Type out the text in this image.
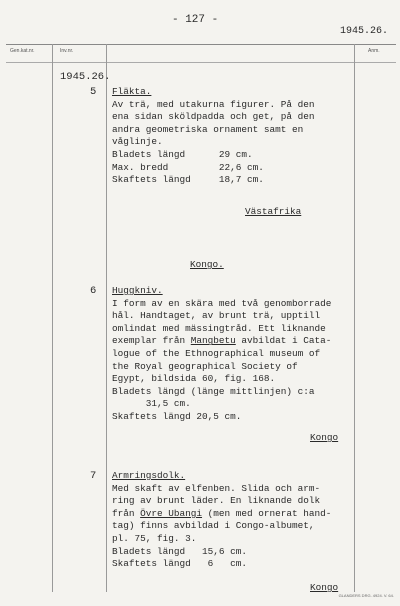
- 127 -
1945.26.
Gen.kat.nr.	Inv.nr.	Anm.
1945.26.
5 Fläkta.

Av trä, med utakurna figurer. På den

ena sidan sköldpadda och get, på den

andra geometriska ornament samt en

våglinje.

Bladets längd      29 cm.

Max. bredd         22,6 cm.

Skaftets längd     18,7 cm.

Västafrika
Kongo.
6 Huggkniv.

I form av en skära med två genomborrade

hål. Handtaget, av brunt trä, upptill

omlindat med mässingtråd. Ett liknande

exemplar från Mangbetu avbildat i Cata-

logue of the Ethnographical museum of

the Royal geographical Society of

Egypt, bildsida 60, fig. 168.

Bladets längd (länge mittlinjen) c:a

31,5 cm.

Skaftets längd 20,5 cm.

Kongo
7 Armringsdolk.

Med skaft av elfenben. Slida och arm-

ring av brunt läder. En liknande dolk

från Övre Ubangi (men med ornerat hand-

tag) finns avbildad i Congo-albumet,

pl. 75, fig. 3.

Bladets längd   15,6 cm.

Skaftets längd   6   cm.

Kongo
GLANDERS DRG. 4924. V. 64.
